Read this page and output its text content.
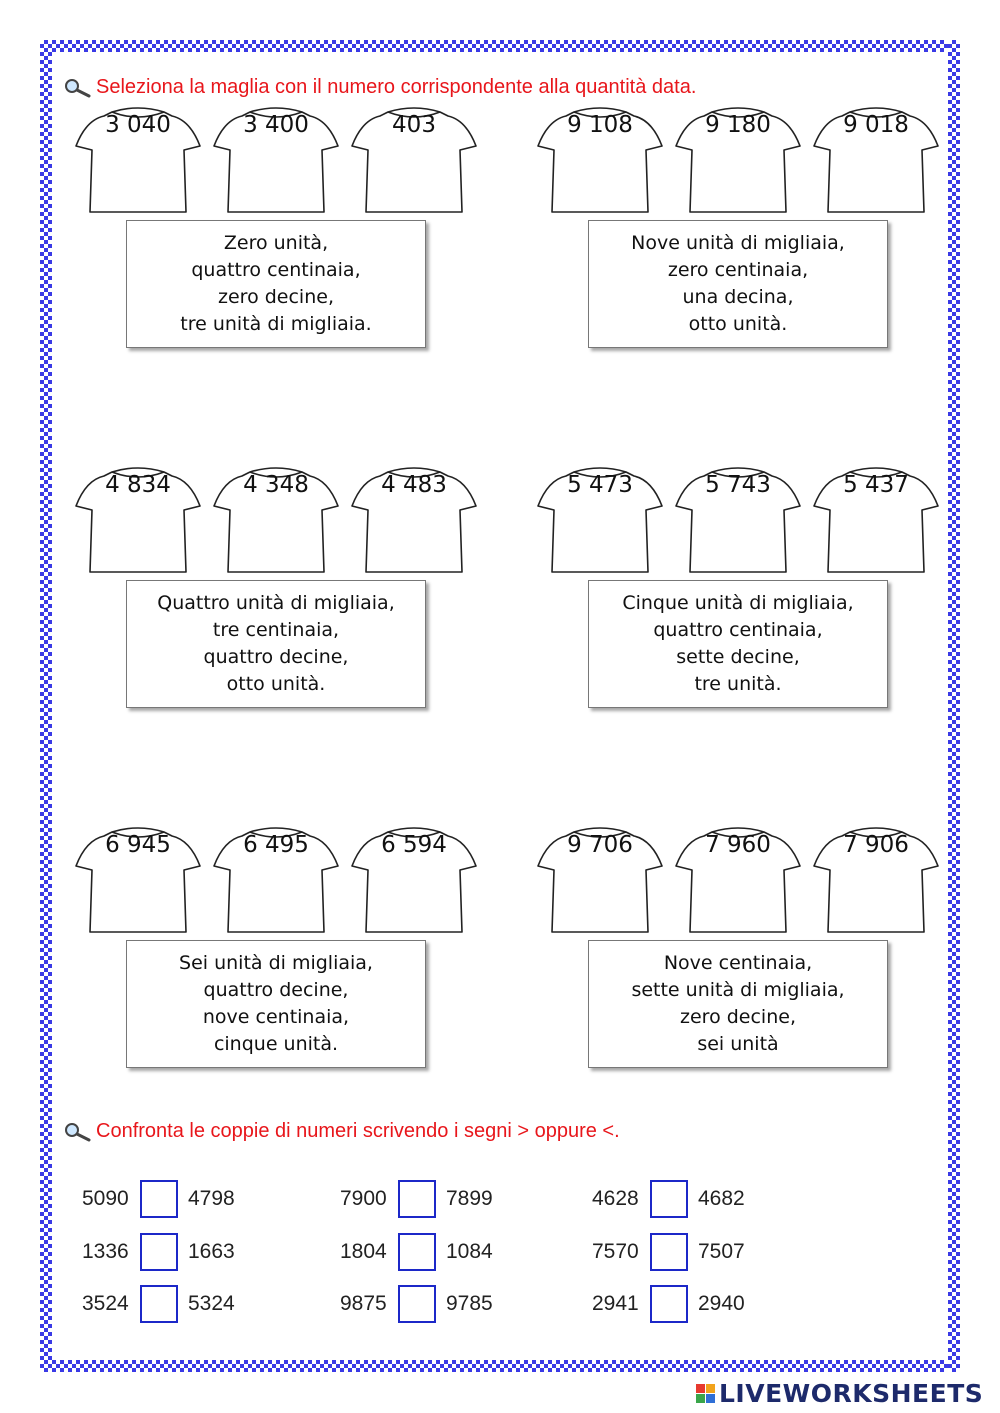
Seleziona la maglia con il numero corrispondente alla quantità data.
3 040	3 400	403
Zero unità,
quattro centinaia,
zero decine,
tre unità di migliaia.
9 108	9 180	9 018
Nove unità di migliaia,
zero centinaia,
una decina,
otto unità.
4 834	4 348	4 483
Quattro unità di migliaia,
tre centinaia,
quattro decine,
otto unità.
5 473	5 743	5 437
Cinque unità di migliaia,
quattro centinaia,
sette decine,
tre unità.
6 945	6 495	6 594
Sei unità di migliaia,
quattro decine,
nove centinaia,
cinque unità.
9 706	7 960	7 906
Nove centinaia,
sette unità di migliaia,
zero decine,
sei unità
Confronta le coppie di numeri scrivendo i segni > oppure <.
5090	4798	7900	7899	4628	4682
1336	1663	1804	1084	7570	7507
3524	5324	9875	9785	2941	2940
LIVEWORKSHEETS
